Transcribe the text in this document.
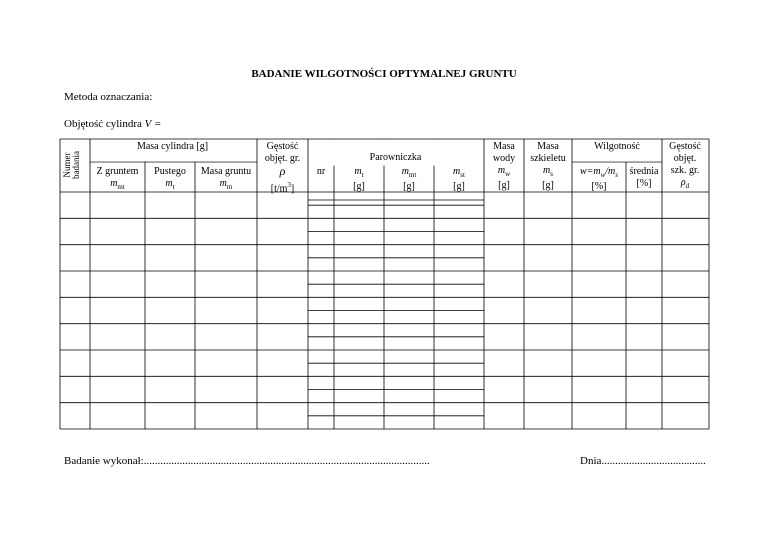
BADANIE WILGOTNOŚCI OPTYMALNEJ GRUNTU
Metoda oznaczania:
Objętość cylindra V =
Numer
badania
Masa cylindra [g]
Z gruntem
$m_{mt}$
Pustego
$m_t$
Masa gruntu
$m_m$
Gęstość
objęt. gr.
ρ
$[t/m^3]$
Parowniczka
nr	$m_t$
[g]
$m_{mt}$
[g]
$m_{st}$
[g]
Masa
wody
$m_w$
[g]
Masa
szkieletu
$m_s$
[g]
Wilgotność
$w=m_w/m_s$
[%]
średnia
[%]
Gęstość
objęt.
szk. gr.
$\rho_d$
Badanie wykonał:........................................................................................................	Dnia......................................
